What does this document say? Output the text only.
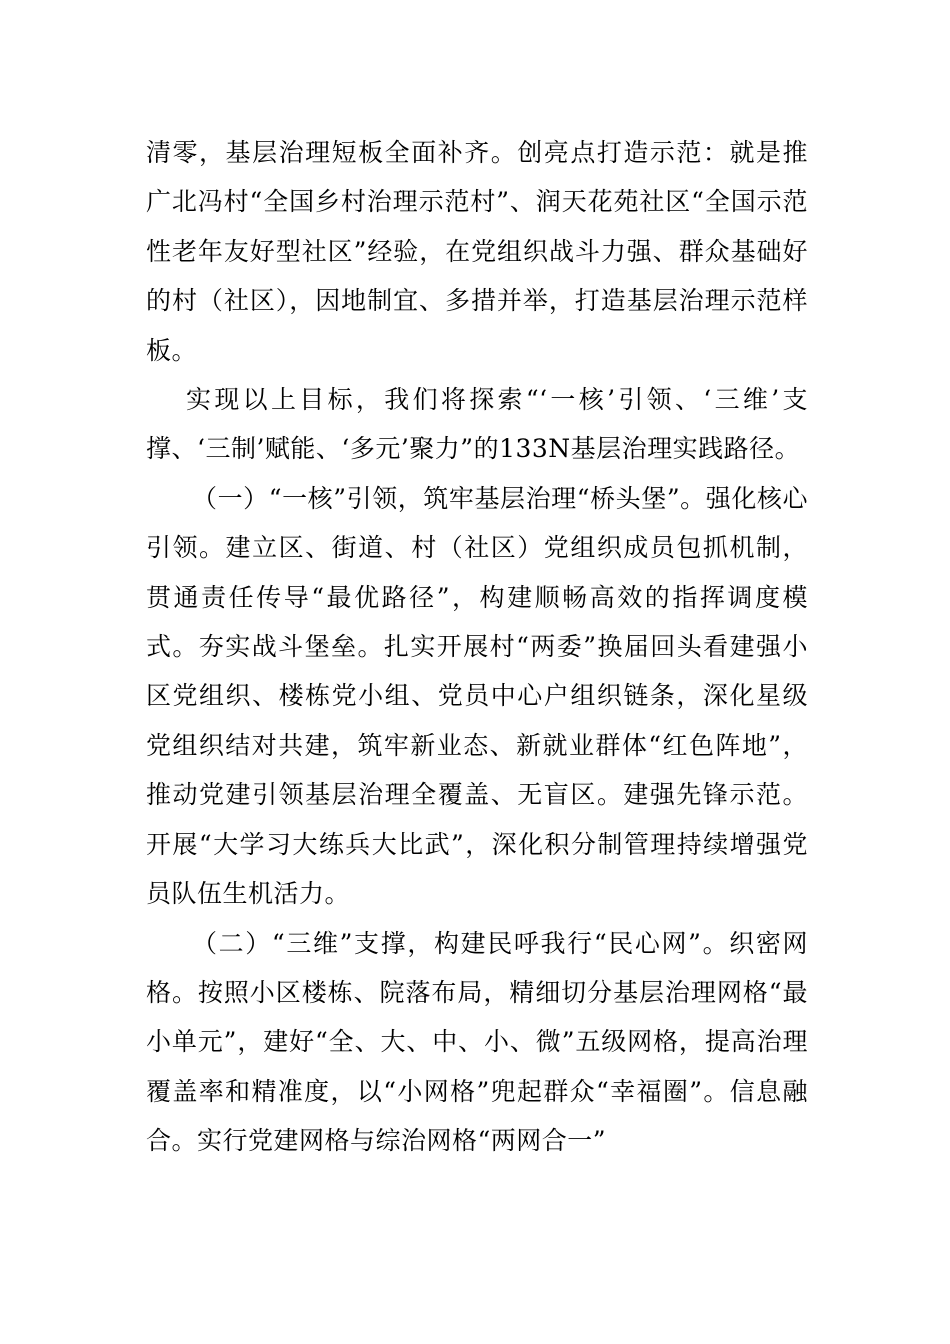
清零，基层治理短板全面补齐。创亮点打造示范：就是推广北冯村“全国乡村治理示范村”、润天花苑社区“全国示范性老年友好型社区”经验，在党组织战斗力强、群众基础好的村（社区），因地制宜、多措并举，打造基层治理示范样板。

实现以上目标，我们将探索“‘一核’引领、‘三维’支撑、‘三制’赋能、‘多元’聚力”的133N基层治理实践路径。

（一）“一核”引领，筑牢基层治理“桥头堡”。强化核心引领。建立区、街道、村（社区）党组织成员包抓机制，贯通责任传导“最优路径”，构建顺畅高效的指挥调度模式。夯实战斗堡垒。扎实开展村“两委”换届回头看建强小区党组织、楼栋党小组、党员中心户组织链条，深化星级党组织结对共建，筑牢新业态、新就业群体“红色阵地”，推动党建引领基层治理全覆盖、无盲区。建强先锋示范。开展“大学习大练兵大比武”，深化积分制管理持续增强党员队伍生机活力。

（二）“三维”支撑，构建民呼我行“民心网”。织密网格。按照小区楼栋、院落布局，精细切分基层治理网格“最小单元”，建好“全、大、中、小、微”五级网格，提高治理覆盖率和精准度，以“小网格”兜起群众“幸福圈”。信息融合。实行党建网格与综治网格“两网合一”
